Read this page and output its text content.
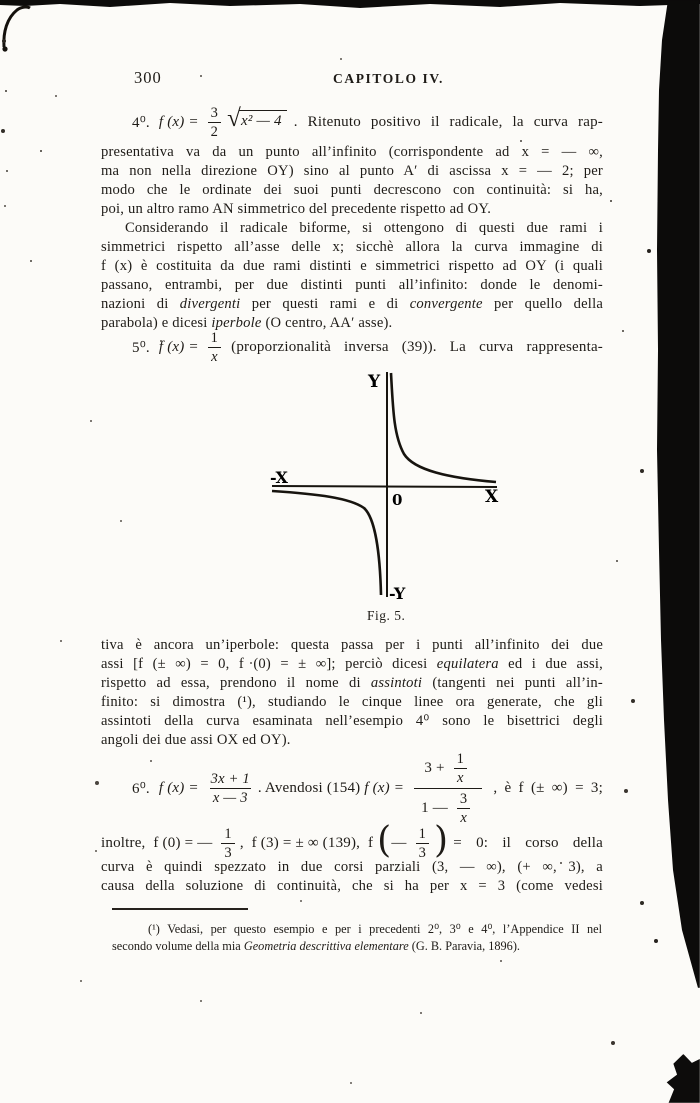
300	CAPITOLO IV.
4⁰. f $(x) = \frac{3}{2}$ √ x² — 4 . Ritenuto positivo il radicale, la curva rap-
presentativa va da un punto all’infinito (corrispondente ad x = — ∞,
ma non nella direzione OY) sino al punto A′ di ascissa x = — 2; per
modo che le ordinate dei suoi punti decrescono con continuità: si ha,
poi, un altro ramo AN simmetrico del precedente rispetto ad OY.
Considerando il radicale biforme, si ottengono di questi due rami i
simmetrici rispetto all’asse delle x; sicchè allora la curva immagine di
f (x) è costituita da due rami distinti e simmetrici rispetto ad OY (i quali
passano, entrambi, per due distinti punti all’infinito: donde le denomi-
nazioni di divergenti per questi rami e di convergente per quello della
parabola) e dicesi iperbole (O centro, AA′ asse).
5⁰. f $(x) = \frac{1}{x}$ (proporzionalità inversa (39)). La curva rappresenta-
Y
-X
X
0
-Y
Fig. 5.
tiva è ancora un’iperbole: questa passa per i punti all’infinito dei due
assi [f (± ∞) = 0, f (0) = ± ∞]; perciò dicesi equilatera ed i due assi,
rispetto ad essa, prendono il nome di assintoti (tangenti nei punti all’in-
finito: si dimostra (¹), studiando le cinque linee ora generate, che gli
assintoti della curva esaminata nell’esempio 4⁰ sono le bisettrici degli
angoli dei due assi OX ed OY).
6⁰. f $(x) = \frac{3x + 1}{x — 3}$ . Avendosi (154) f $(x) = \frac{3 + \frac{1}{x}}{1 — \frac{3}{x}}$ , è f (± ∞) = 3;
inoltre,  f (0) = — $\frac{1}{3}$ ,  f (3) = ± ∞ (139),  f ( — $\frac{1}{3}$ ) = 0: il corso della
curva è quindi spezzato in due corsi parziali (3, — ∞), (+ ∞, 3), a
causa della soluzione di continuità, che si ha per x = 3 (come vedesi
(¹) Vedasi, per questo esempio e per i precedenti 2⁰, 3⁰ e 4⁰, l’Appendice II nel
secondo volume della mia Geometria descrittiva elementare (G. B. Paravia, 1896).
